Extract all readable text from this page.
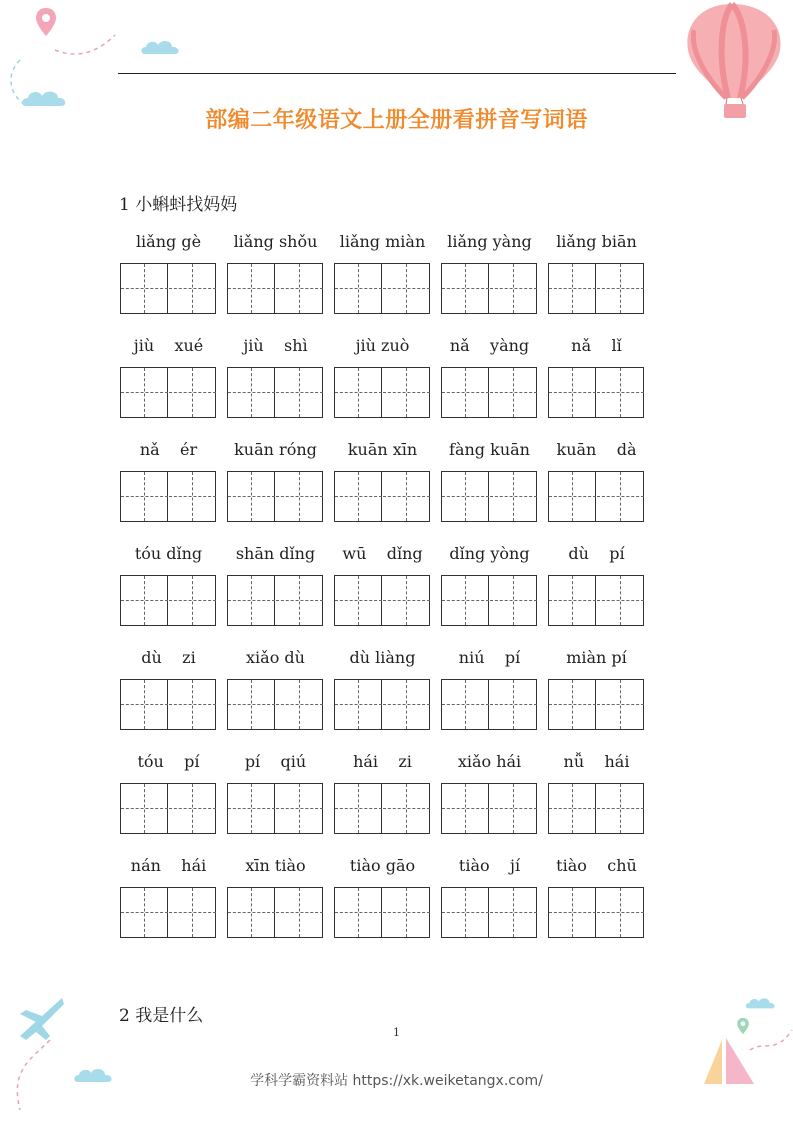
部编二年级语文上册全册看拼音写词语
1 小蝌蚪找妈妈
liǎng gè	liǎng shǒu	liǎng miàn	liǎng yàng	liǎng biān
jiù    xué	jiù    shì	jiù zuò	nǎ    yàng	nǎ    lǐ
nǎ    ér	kuān róng	kuān xīn	fàng kuān	kuān    dà
tóu dǐng	shān dǐng	wū    dǐng	dǐng yòng	dù    pí
dù    zi	xiǎo dù	dù liàng	niú    pí	miàn pí
tóu    pí	pí    qiú	hái    zi	xiǎo hái	nǚ    hái
nán    hái	xīn tiào	tiào gāo	tiào    jí	tiào    chū
2 我是什么
1
学科学霸资料站 https://xk.weiketangx.com/
